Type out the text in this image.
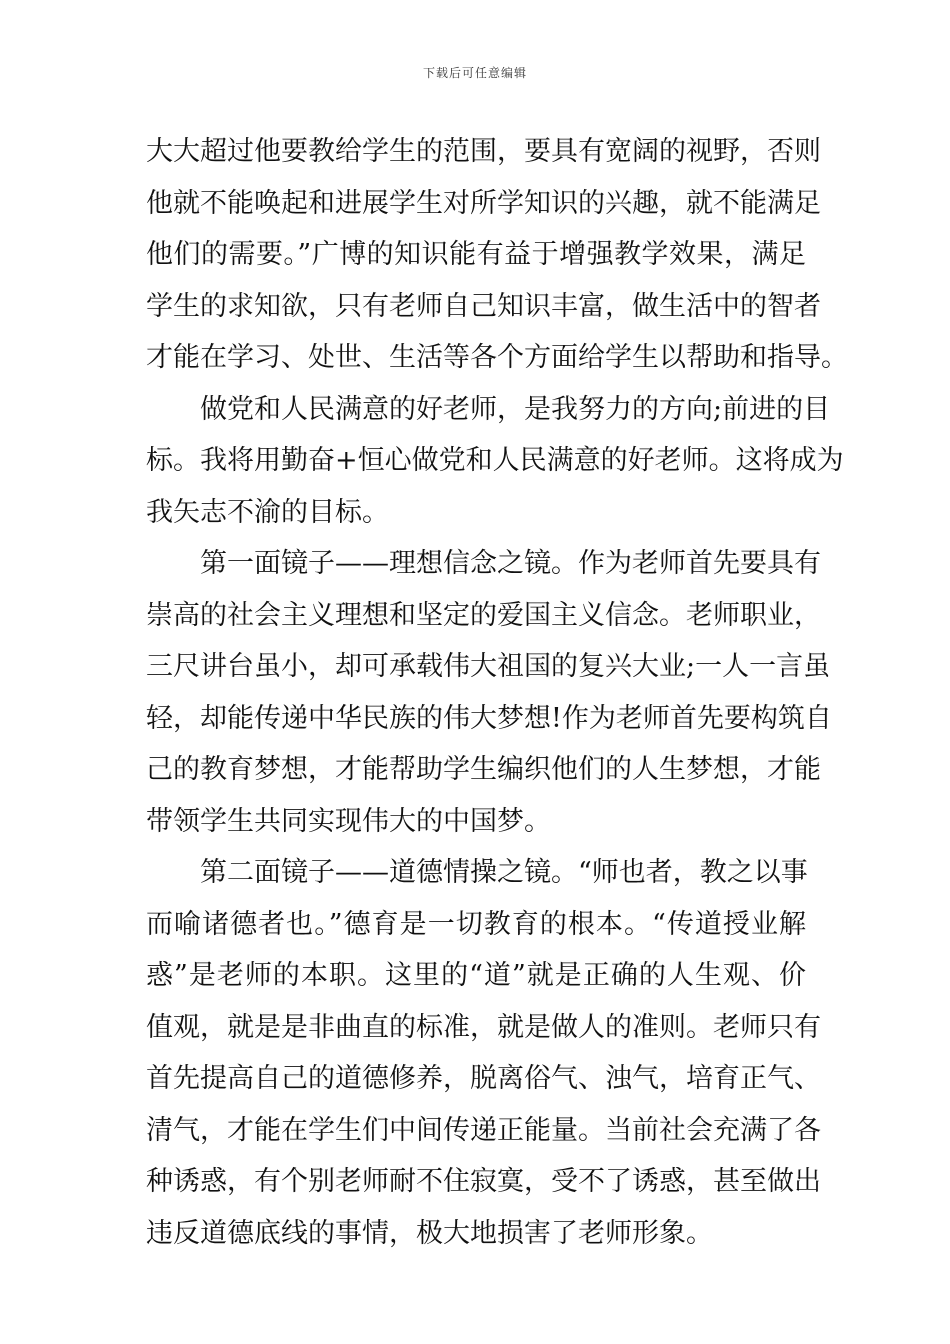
下载后可任意编辑
大大超过他要教给学生的范围，要具有宽阔的视野，否则
他就不能唤起和进展学生对所学知识的兴趣，就不能满足
他们的需要。”广博的知识能有益于增强教学效果，满足
学生的求知欲，只有老师自己知识丰富，做生活中的智者
才能在学习、处世、生活等各个方面给学生以帮助和指导。
做党和人民满意的好老师，是我努力的方向;前进的目
标。我将用勤奋+恒心做党和人民满意的好老师。这将成为
我矢志不渝的目标。
第一面镜子——理想信念之镜。作为老师首先要具有
崇高的社会主义理想和坚定的爱国主义信念。老师职业，
三尺讲台虽小，却可承载伟大祖国的复兴大业;一人一言虽
轻，却能传递中华民族的伟大梦想!作为老师首先要构筑自
己的教育梦想，才能帮助学生编织他们的人生梦想，才能
带领学生共同实现伟大的中国梦。
第二面镜子——道德情操之镜。“师也者，教之以事
而喻诸德者也。”德育是一切教育的根本。“传道授业解
惑”是老师的本职。这里的“道”就是正确的人生观、价
值观，就是是非曲直的标准，就是做人的准则。老师只有
首先提高自己的道德修养，脱离俗气、浊气，培育正气、
清气，才能在学生们中间传递正能量。当前社会充满了各
种诱惑，有个别老师耐不住寂寞，受不了诱惑，甚至做出
违反道德底线的事情，极大地损害了老师形象。
